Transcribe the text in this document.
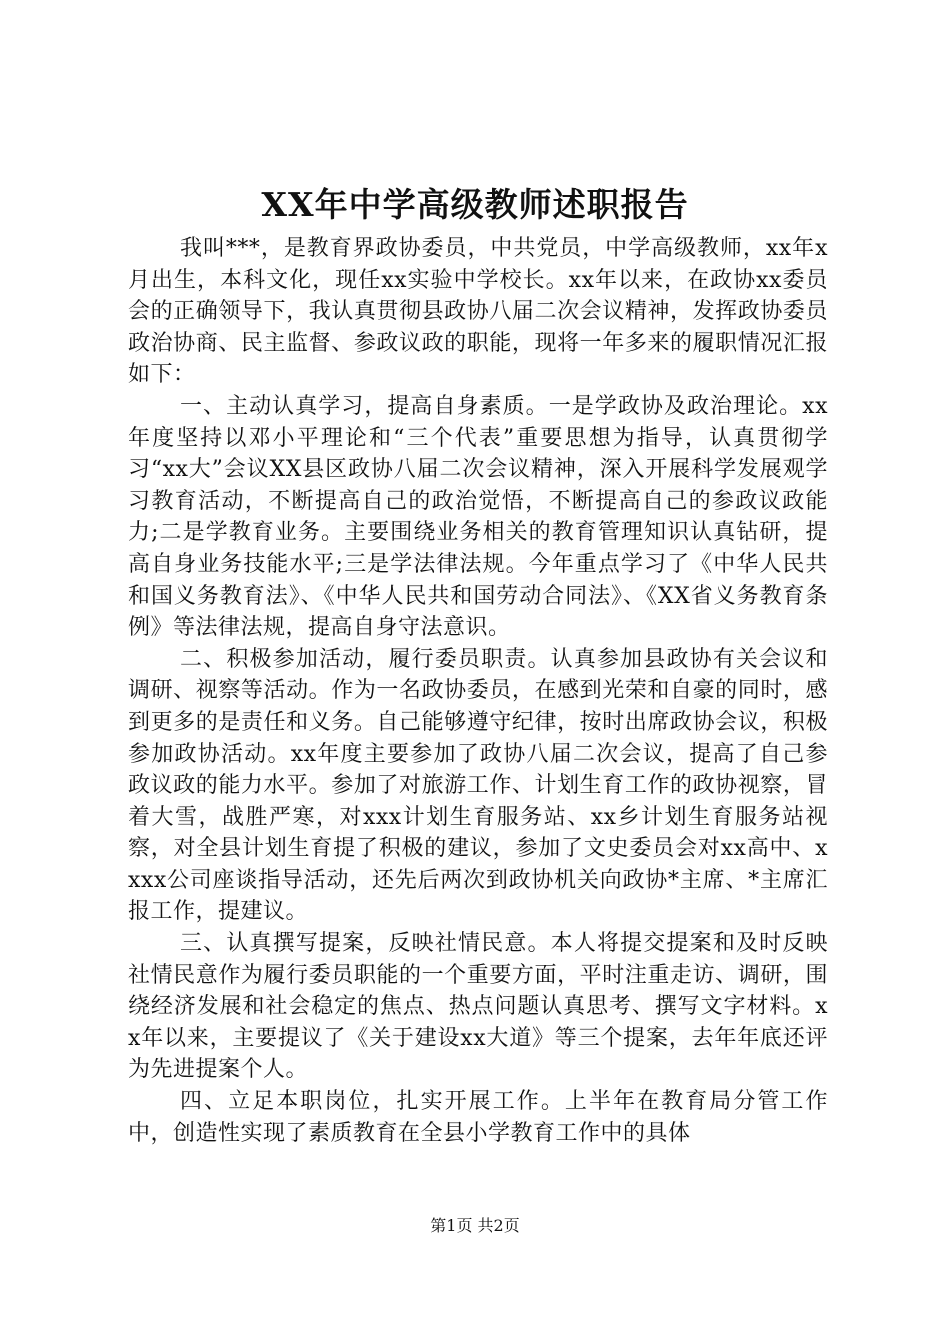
XX年中学高级教师述职报告

我叫***，是教育界政协委员，中共党员，中学高级教师，xx年x月出生，本科文化，现任xx实验中学校长。xx年以来，在政协xx委员会的正确领导下，我认真贯彻县政协八届二次会议精神，发挥政协委员政治协商、民主监督、参政议政的职能，现将一年多来的履职情况汇报如下：

一、主动认真学习，提高自身素质。一是学政协及政治理论。xx年度坚持以邓小平理论和“三个代表”重要思想为指导，认真贯彻学习“xx大”会议XX县区政协八届二次会议精神，深入开展科学发展观学习教育活动，不断提高自己的政治觉悟，不断提高自己的参政议政能力;二是学教育业务。主要围绕业务相关的教育管理知识认真钻研，提高自身业务技能水平;三是学法律法规。今年重点学习了《中华人民共和国义务教育法》、《中华人民共和国劳动合同法》、《XX省义务教育条例》等法律法规，提高自身守法意识。

二、积极参加活动，履行委员职责。认真参加县政协有关会议和调研、视察等活动。作为一名政协委员，在感到光荣和自豪的同时，感到更多的是责任和义务。自己能够遵守纪律，按时出席政协会议，积极参加政协活动。xx年度主要参加了政协八届二次会议，提高了自己参政议政的能力水平。参加了对旅游工作、计划生育工作的政协视察，冒着大雪，战胜严寒，对xxx计划生育服务站、xx乡计划生育服务站视察，对全县计划生育提了积极的建议，参加了文史委员会对xx高中、xxxx公司座谈指导活动，还先后两次到政协机关向政协*主席、*主席汇报工作，提建议。

三、认真撰写提案，反映社情民意。本人将提交提案和及时反映社情民意作为履行委员职能的一个重要方面，平时注重走访、调研，围绕经济发展和社会稳定的焦点、热点问题认真思考、撰写文字材料。xx年以来，主要提议了《关于建设xx大道》等三个提案，去年年底还评为先进提案个人。

四、立足本职岗位，扎实开展工作。上半年在教育局分管工作中，创造性实现了素质教育在全县小学教育工作中的具体

第1页 共2页
